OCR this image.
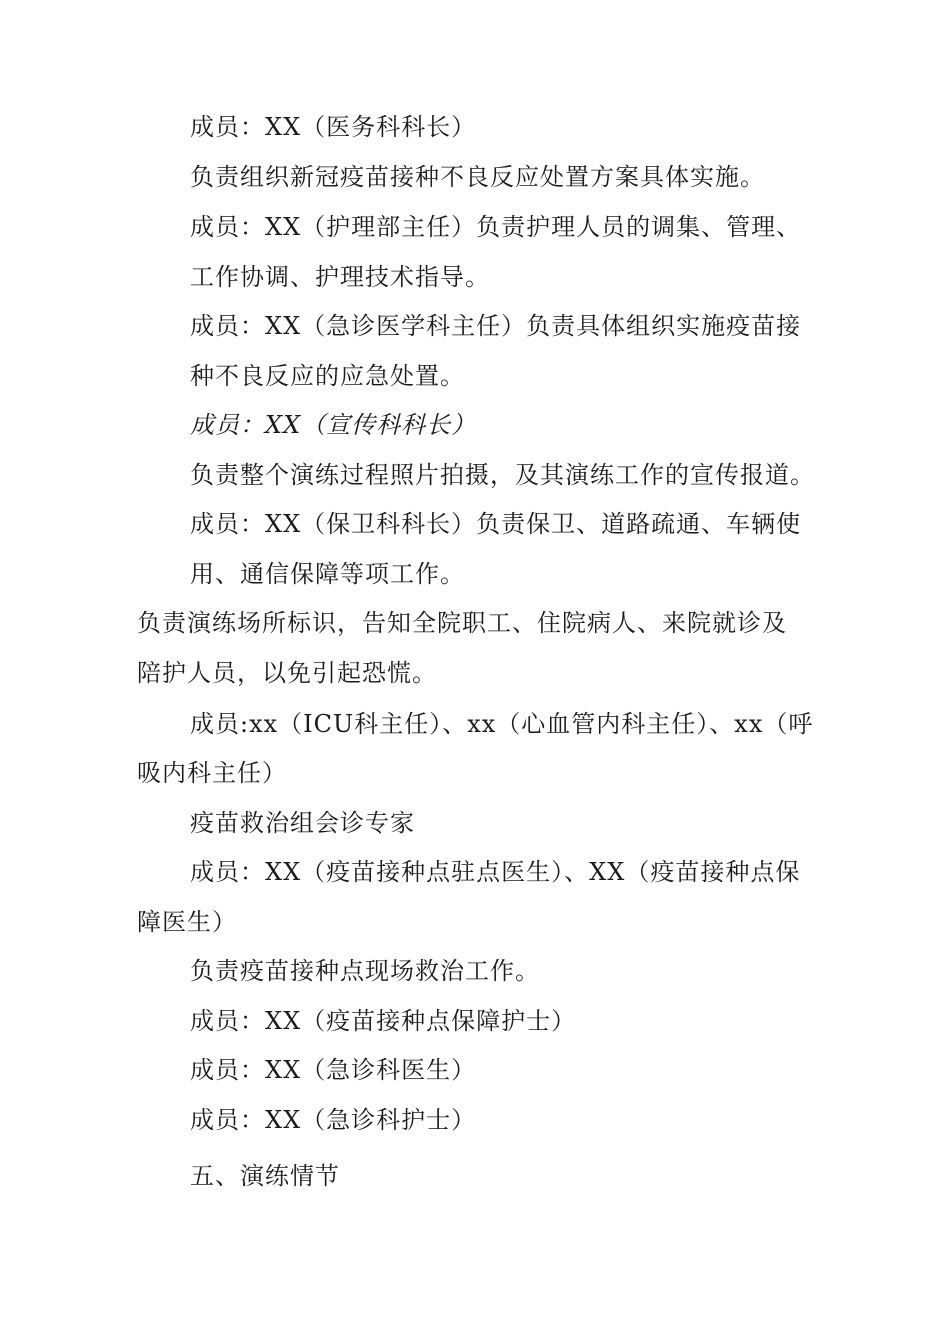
成员：XX（医务科科长）
负责组织新冠疫苗接种不良反应处置方案具体实施。
成员：XX（护理部主任）负责护理人员的调集、管理、
工作协调、护理技术指导。
成员：XX（急诊医学科主任）负责具体组织实施疫苗接
种不良反应的应急处置。
成员：XX（宣传科科长）
负责整个演练过程照片拍摄，及其演练工作的宣传报道。
成员：XX（保卫科科长）负责保卫、道路疏通、车辆使
用、通信保障等项工作。
负责演练场所标识，告知全院职工、住院病人、来院就诊及
陪护人员，以免引起恐慌。
成员:xx（ICU科主任）、xx（心血管内科主任）、xx（呼
吸内科主任）
疫苗救治组会诊专家
成员：XX（疫苗接种点驻点医生）、XX（疫苗接种点保
障医生）
负责疫苗接种点现场救治工作。
成员：XX（疫苗接种点保障护士）
成员：XX（急诊科医生）
成员：XX（急诊科护士）
五、演练情节
